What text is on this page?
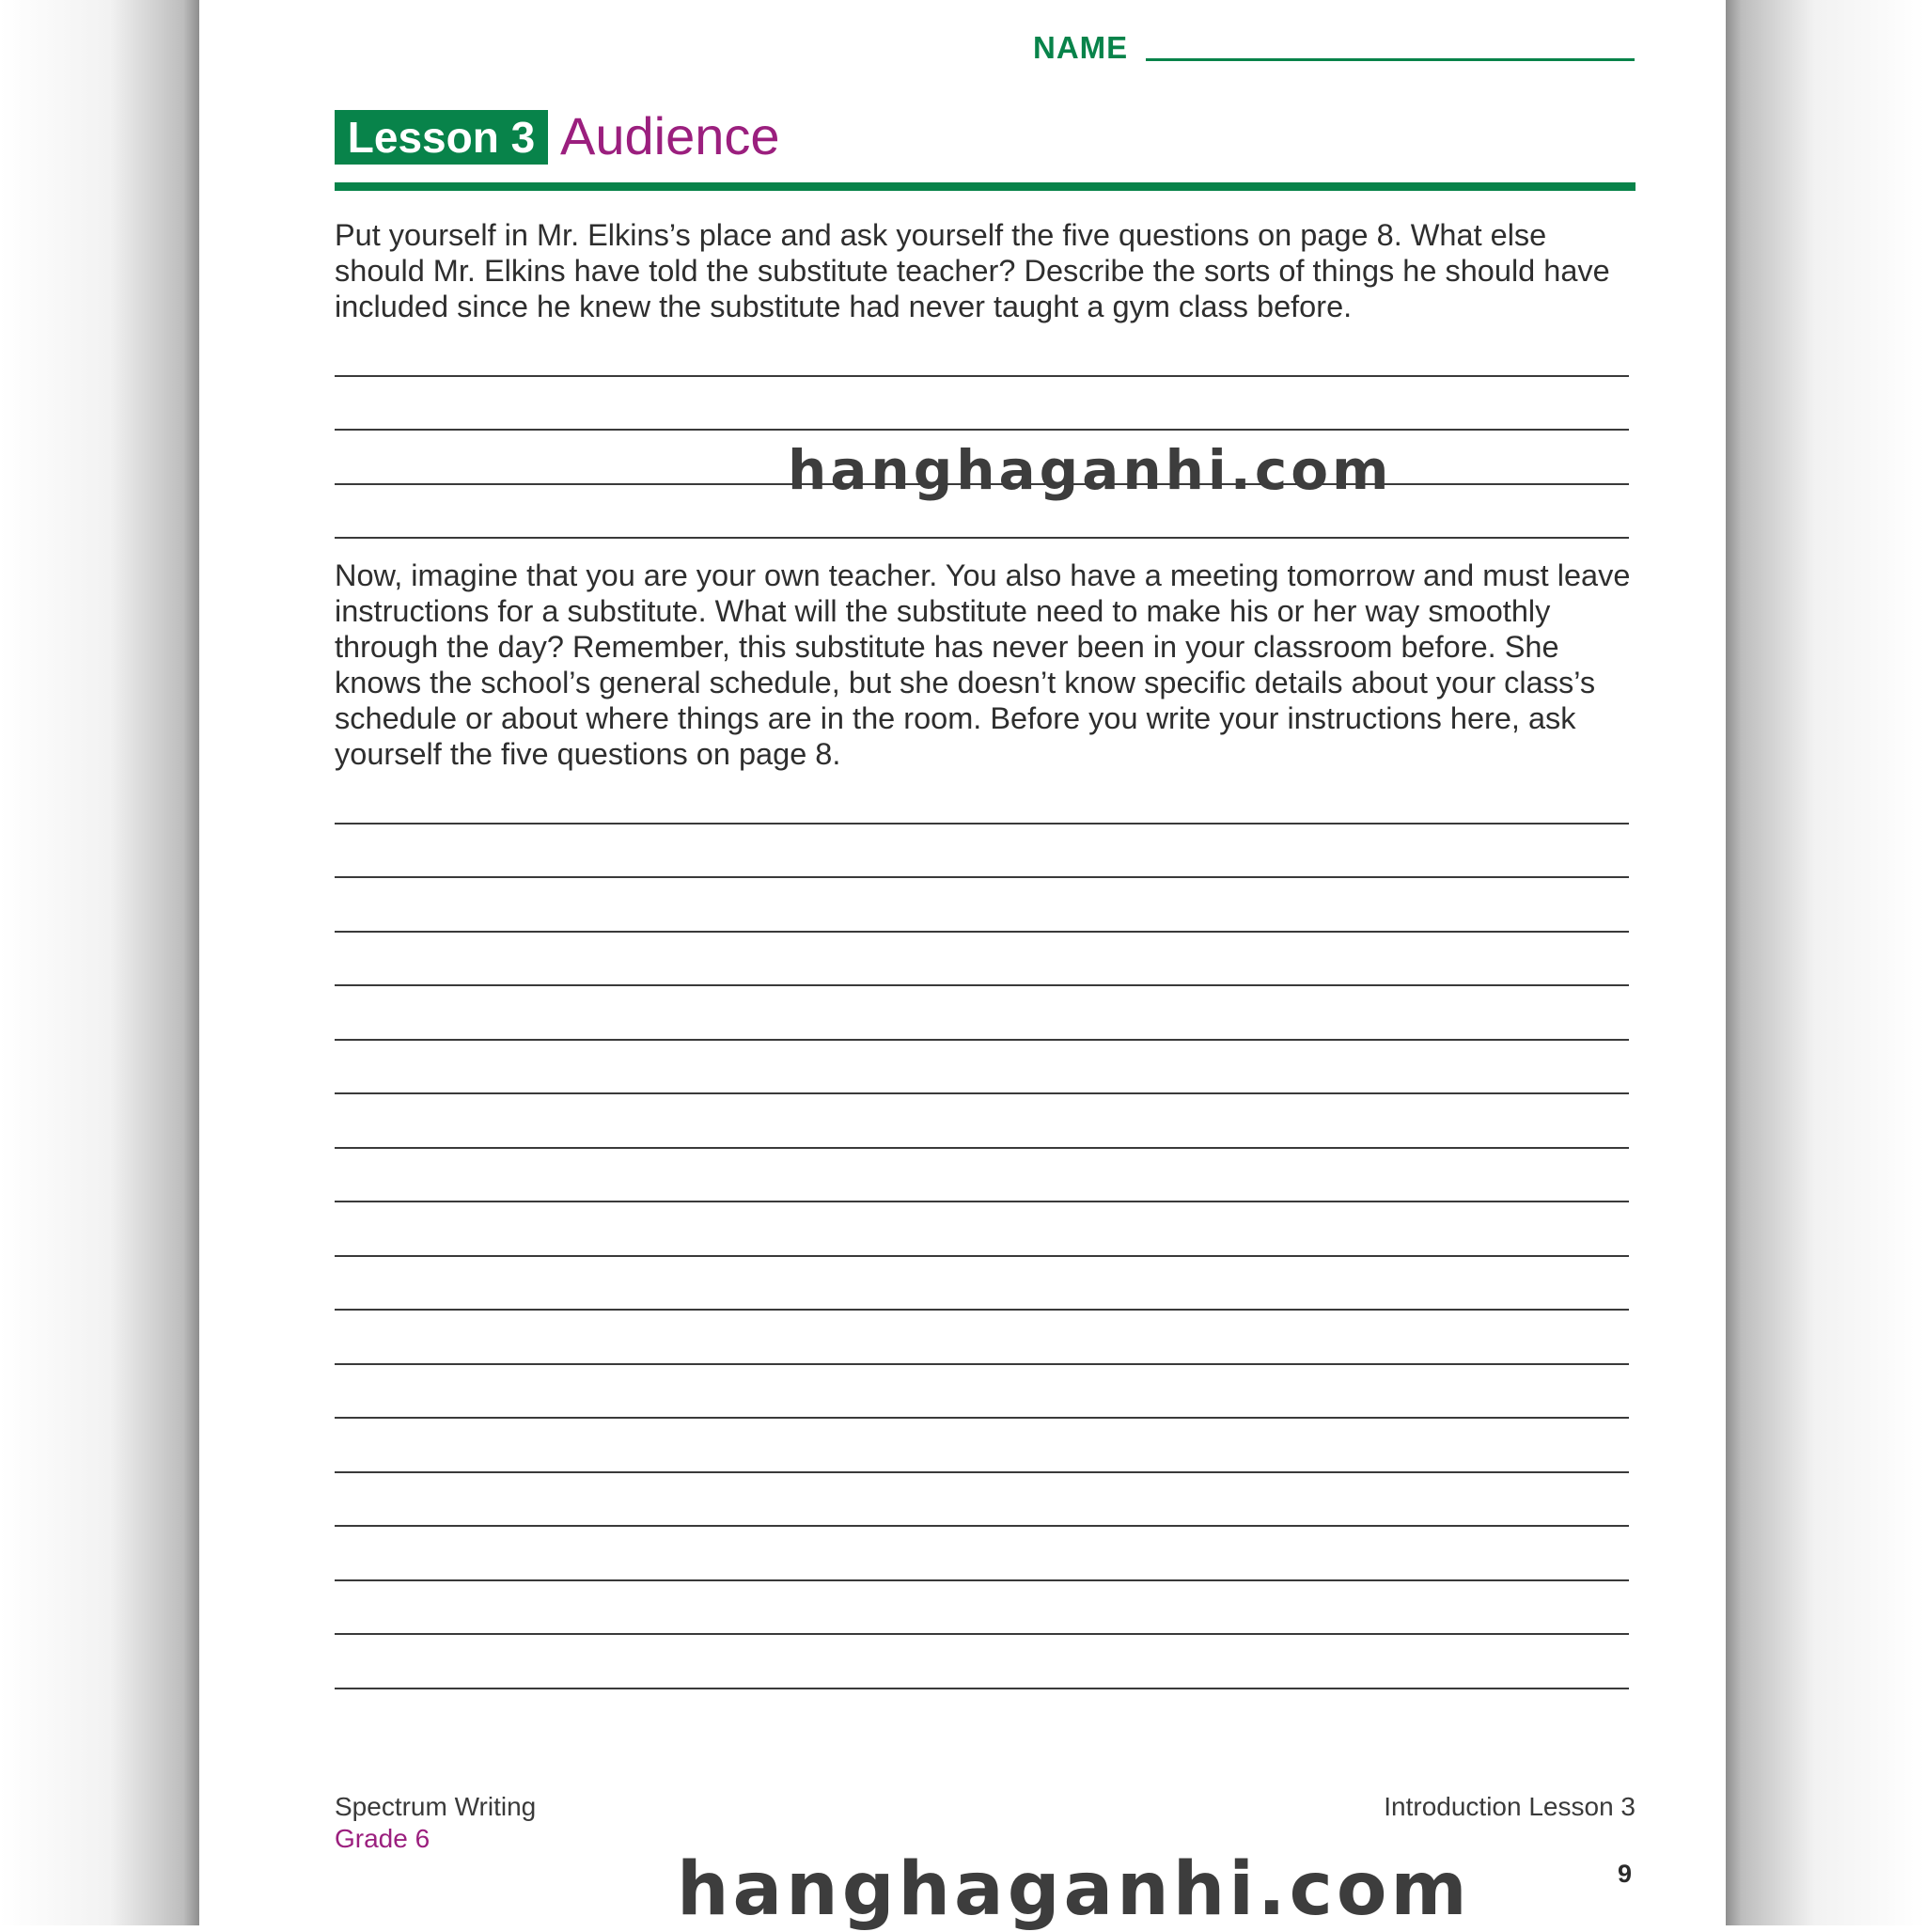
NAME
Lesson 3 Audience

Put yourself in Mr. Elkins’s place and ask yourself the five questions on page 8. What else should Mr. Elkins have told the substitute teacher? Describe the sorts of things he should have included since he knew the substitute had never taught a gym class before.

Now, imagine that you are your own teacher. You also have a meeting tomorrow and must leave instructions for a substitute. What will the substitute need to make his or her way smoothly through the day? Remember, this substitute has never been in your classroom before. She knows the school’s general schedule, but she doesn’t know specific details about your class’s schedule or about where things are in the room. Before you write your instructions here, ask yourself the five questions on page 8.

Spectrum Writing
Grade 6
Introduction Lesson 3
9
hanghaganhi.com
hanghaganhi.com
